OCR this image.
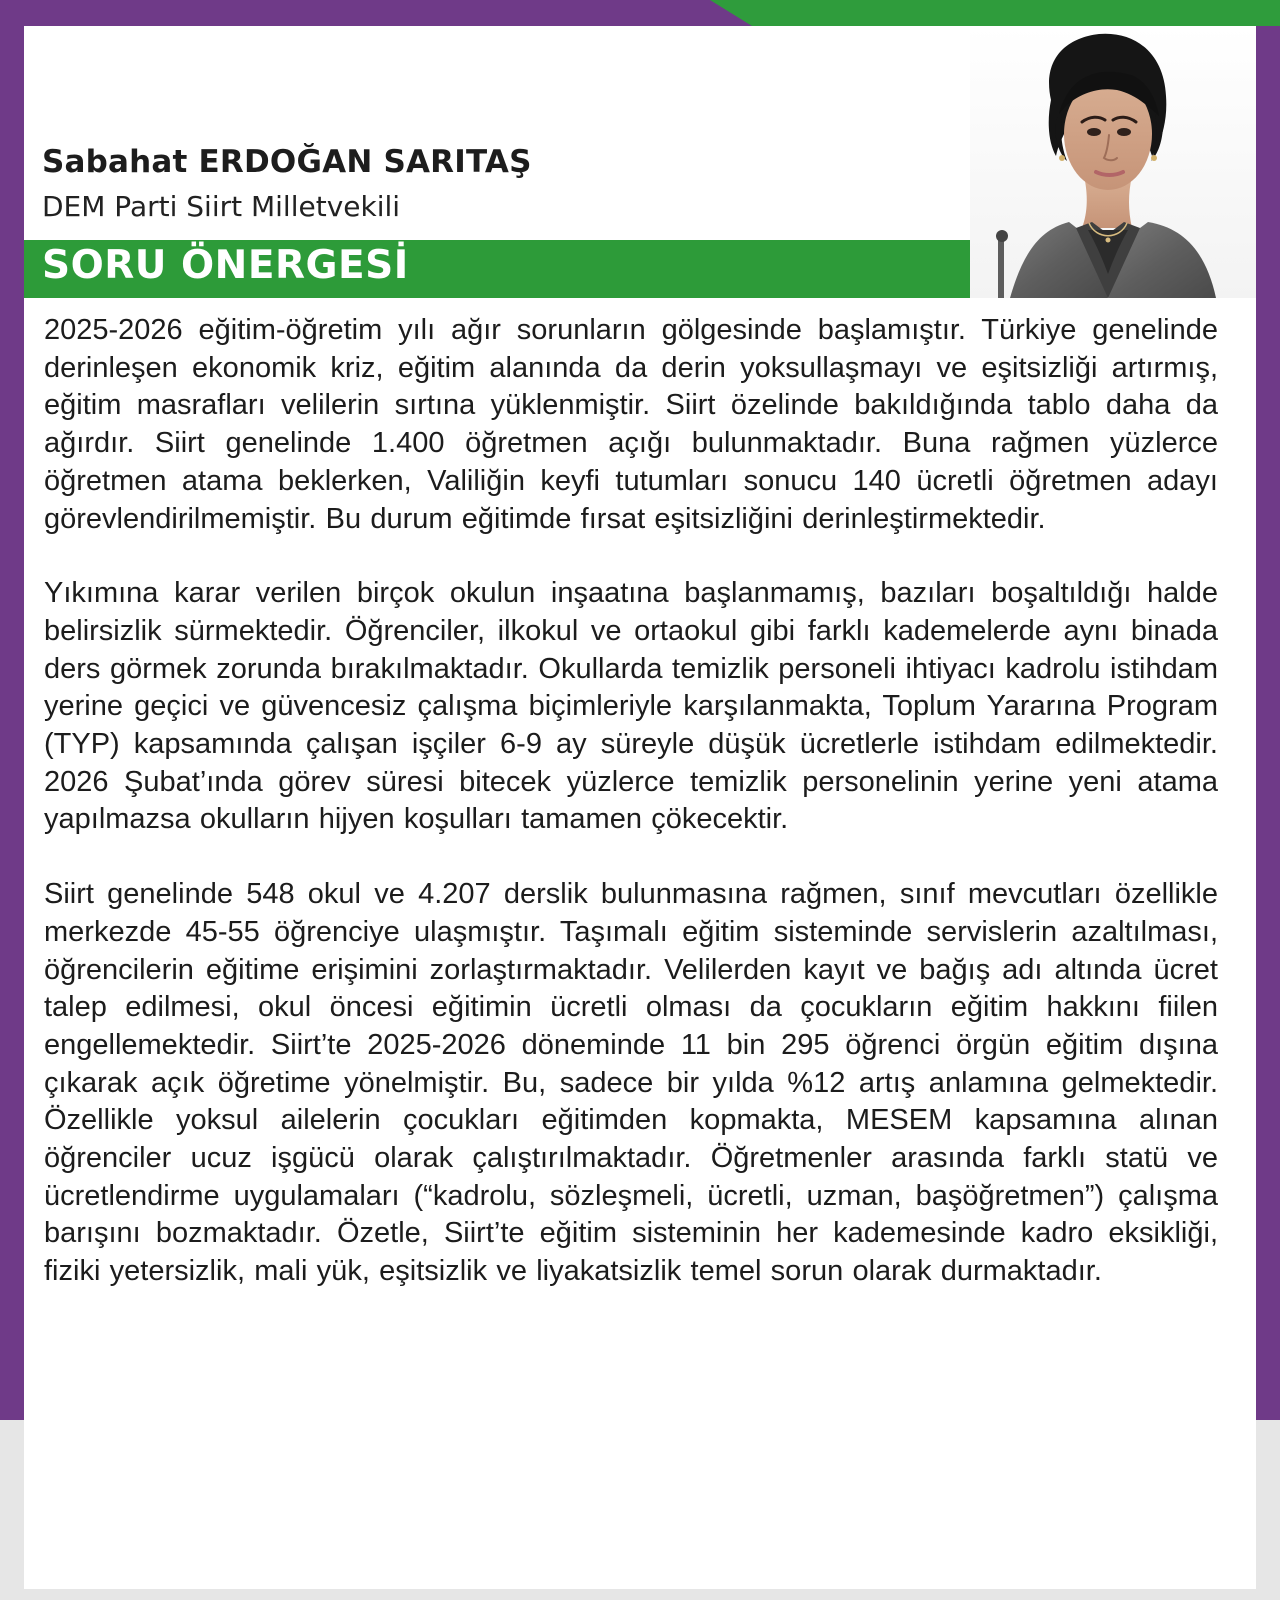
Sabahat ERDOĞAN SARITAŞ
DEM Parti Siirt Milletvekili
SORU ÖNERGESİ

2025-2026 eğitim-öğretim yılı ağır sorunların gölgesinde başlamıştır. Türkiye genelinde derinleşen ekonomik kriz, eğitim alanında da derin yoksullaşmayı ve eşitsizliği artırmış, eğitim masrafları velilerin sırtına yüklenmiştir. Siirt özelinde bakıldığında tablo daha da ağırdır. Siirt genelinde 1.400 öğretmen açığı bulunmaktadır. Buna rağmen yüzlerce öğretmen atama beklerken, Valiliğin keyfi tutumları sonucu 140 ücretli öğretmen adayı görevlendirilmemiştir. Bu durum eğitimde fırsat eşitsizliğini derinleştirmektedir.

Yıkımına karar verilen birçok okulun inşaatına başlanmamış, bazıları boşaltıldığı halde belirsizlik sürmektedir. Öğrenciler, ilkokul ve ortaokul gibi farklı kademelerde aynı binada ders görmek zorunda bırakılmaktadır. Okullarda temizlik personeli ihtiyacı kadrolu istihdam yerine geçici ve güvencesiz çalışma biçimleriyle karşılanmakta, Toplum Yararına Program (TYP) kapsamında çalışan işçiler 6-9 ay süreyle düşük ücretlerle istihdam edilmektedir. 2026 Şubat’ında görev süresi bitecek yüzlerce temizlik personelinin yerine yeni atama yapılmazsa okulların hijyen koşulları tamamen çökecektir.

Siirt genelinde 548 okul ve 4.207 derslik bulunmasına rağmen, sınıf mevcutları özellikle merkezde 45-55 öğrenciye ulaşmıştır. Taşımalı eğitim sisteminde servislerin azaltılması, öğrencilerin eğitime erişimini zorlaştırmaktadır. Velilerden kayıt ve bağış adı altında ücret talep edilmesi, okul öncesi eğitimin ücretli olması da çocukların eğitim hakkını fiilen engellemektedir. Siirt’te 2025-2026 döneminde 11 bin 295 öğrenci örgün eğitim dışına çıkarak açık öğretime yönelmiştir. Bu, sadece bir yılda %12 artış anlamına gelmektedir. Özellikle yoksul ailelerin çocukları eğitimden kopmakta, MESEM kapsamına alınan öğrenciler ucuz işgücü olarak çalıştırılmaktadır. Öğretmenler arasında farklı statü ve ücretlendirme uygulamaları (“kadrolu, sözleşmeli, ücretli, uzman, başöğretmen”) çalışma barışını bozmaktadır. Özetle, Siirt’te eğitim sisteminin her kademesinde kadro eksikliği, fiziki yetersizlik, mali yük, eşitsizlik ve liyakatsizlik temel sorun olarak durmaktadır.
